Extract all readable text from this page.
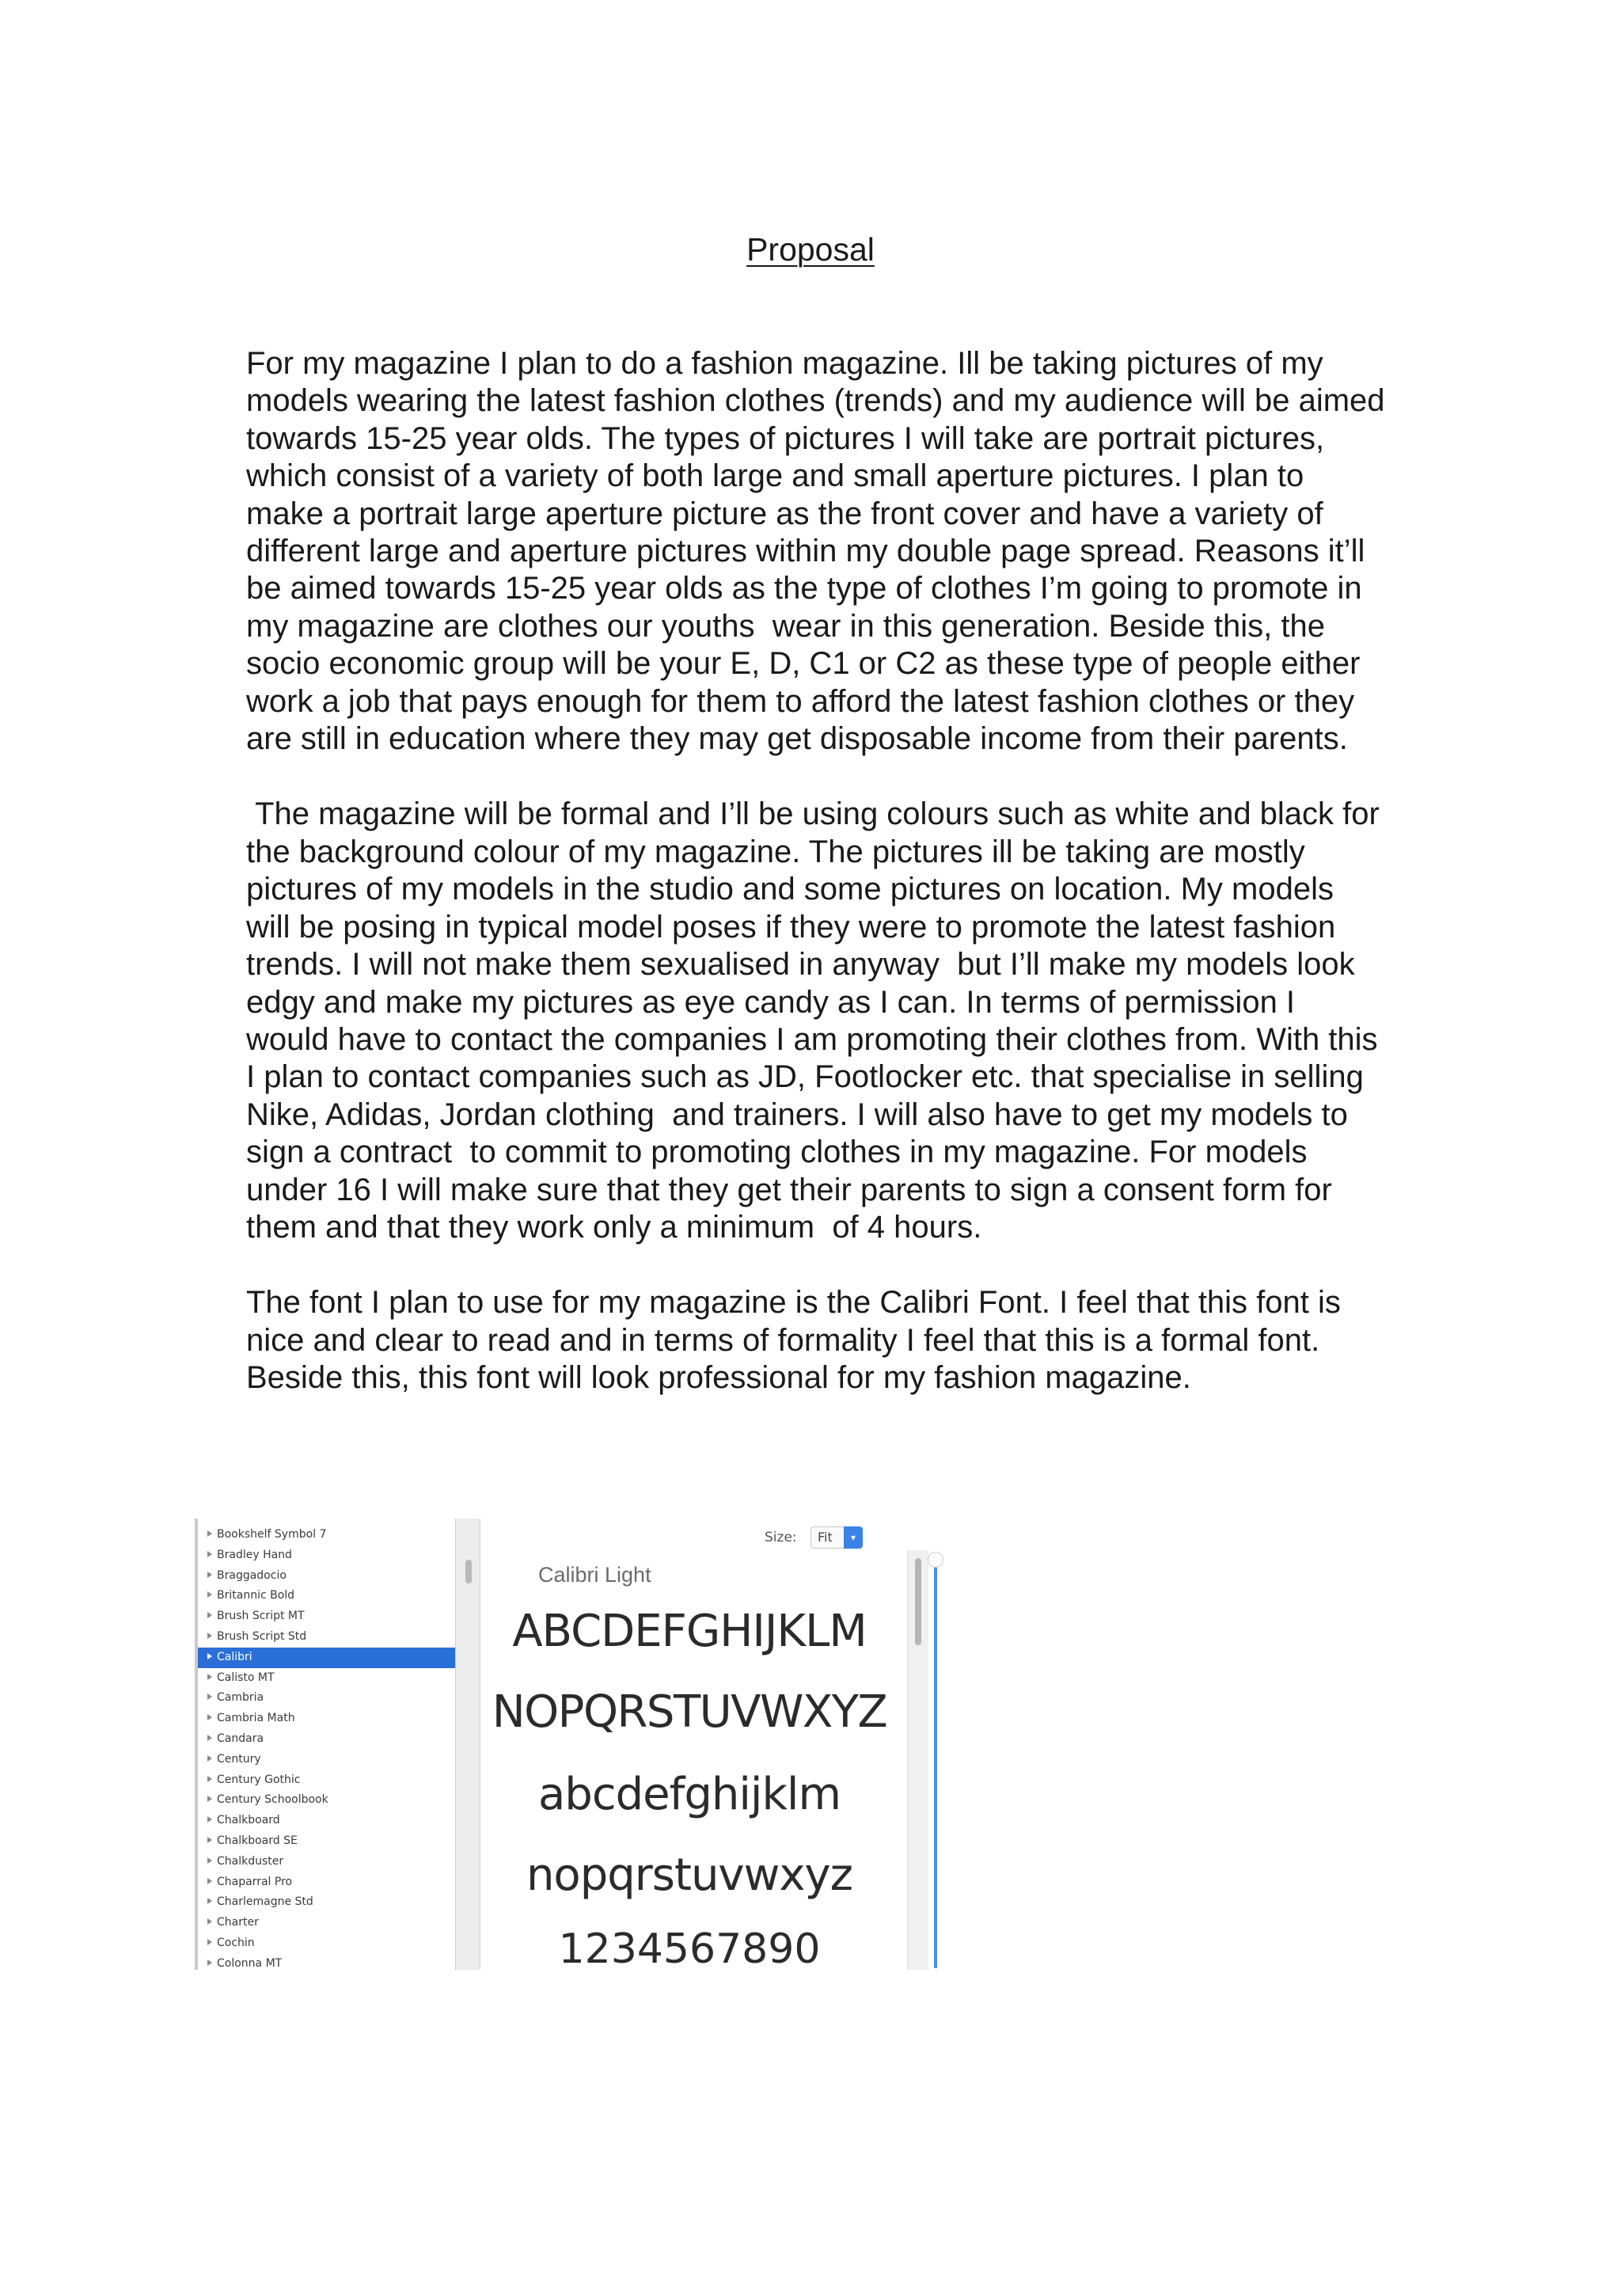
Proposal

For my magazine I plan to do a fashion magazine. Ill be taking pictures of my models wearing the latest fashion clothes (trends) and my audience will be aimed towards 15-25 year olds. The types of pictures I will take are portrait pictures, which consist of a variety of both large and small aperture pictures. I plan to make a portrait large aperture picture as the front cover and have a variety of different large and aperture pictures within my double page spread. Reasons it’ll be aimed towards 15-25 year olds as the type of clothes I’m going to promote in my magazine are clothes our youths  wear in this generation. Beside this, the socio economic group will be your E, D, C1 or C2 as these type of people either work a job that pays enough for them to afford the latest fashion clothes or they are still in education where they may get disposable income from their parents.

The magazine will be formal and I’ll be using colours such as white and black for the background colour of my magazine. The pictures ill be taking are mostly pictures of my models in the studio and some pictures on location. My models will be posing in typical model poses if they were to promote the latest fashion trends. I will not make them sexualised in anyway  but I’ll make my models look edgy and make my pictures as eye candy as I can. In terms of permission I would have to contact the companies I am promoting their clothes from. With this I plan to contact companies such as JD, Footlocker etc. that specialise in selling Nike, Adidas, Jordan clothing  and trainers. I will also have to get my models to sign a contract  to commit to promoting clothes in my magazine. For models under 16 I will make sure that they get their parents to sign a consent form for them and that they work only a minimum  of 4 hours.

The font I plan to use for my magazine is the Calibri Font. I feel that this font is nice and clear to read and in terms of formality I feel that this is a formal font. Beside this, this font will look professional for my fashion magazine.

Bookshelf Symbol 7
Bradley Hand
Braggadocio
Britannic Bold
Brush Script MT
Brush Script Std
Calibri
Calisto MT
Cambria
Cambria Math
Candara
Century
Century Gothic
Century Schoolbook
Chalkboard
Chalkboard SE
Chalkduster
Chaparral Pro
Charlemagne Std
Charter
Cochin
Colonna MT
Size: Fit	▾
Calibri Light
ABCDEFGHIJKLM
NOPQRSTUVWXYZ
abcdefghijklm
nopqrstuvwxyz
1234567890
